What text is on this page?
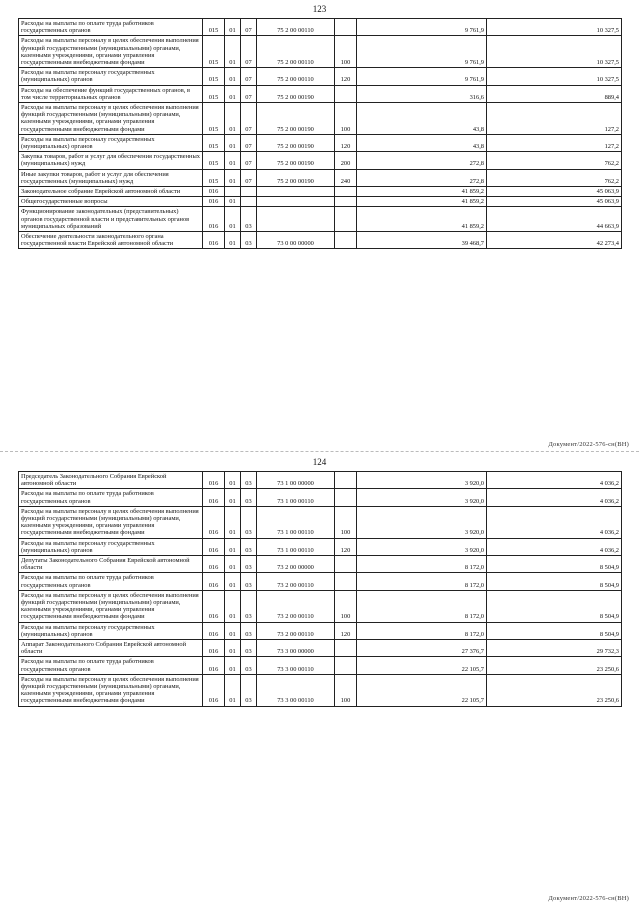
123
Расходы на выплаты по оплате труда работников государственных органов	015	01	07	75 2 00 00110		9 761,9	10 327,5
Расходы на выплаты персоналу в целях обеспечения выполнения функций государственными (муниципальными) органами, казенными учреждениями, органами управления государственными внебюджетными фондами	015	01	07	75 2 00 00110	100	9 761,9	10 327,5
Расходы на выплаты персоналу государственных (муниципальных) органов	015	01	07	75 2 00 00110	120	9 761,9	10 327,5
Расходы на обеспечение функций государственных органов, в том числе территориальных органов	015	01	07	75 2 00 00190		316,6	889,4
Расходы на выплаты персоналу в целях обеспечения выполнения функций государственными (муниципальными) органами, казенными учреждениями, органами управления государственными внебюджетными фондами	015	01	07	75 2 00 00190	100	43,8	127,2
Расходы на выплаты персоналу государственных (муниципальных) органов	015	01	07	75 2 00 00190	120	43,8	127,2
Закупка товаров, работ и услуг для обеспечения государственных (муниципальных) нужд	015	01	07	75 2 00 00190	200	272,8	762,2
Иные закупки товаров, работ и услуг для обеспечения государственных (муниципальных) нужд	015	01	07	75 2 00 00190	240	272,8	762,2
Законодательное собрание Еврейской автономной области	016					41 859,2	45 063,9
Общегосударственные вопросы	016	01				41 859,2	45 063,9
Функционирование законодательных (представительных) органов государственной власти и представительных органов муниципальных образований	016	01	03			41 859,2	44 663,9
Обеспечение деятельности законодательного органа государственной власти Еврейской автономной области	016	01	03	73 0 00 00000		39 468,7	42 273,4
Документ/2022-576-сн(ВН)
124
Председатель Законодательного Собрания Еврейской автономной области	016	01	03	73 1 00 00000		3 920,0	4 036,2
Расходы на выплаты по оплате труда работников государственных органов	016	01	03	73 1 00 00110		3 920,0	4 036,2
Расходы на выплаты персоналу в целях обеспечения выполнения функций государственными (муниципальными) органами, казенными учреждениями, органами управления государственными внебюджетными фондами	016	01	03	73 1 00 00110	100	3 920,0	4 036,2
Расходы на выплаты персоналу государственных (муниципальных) органов	016	01	03	73 1 00 00110	120	3 920,0	4 036,2
Депутаты Законодательного Собрания Еврейской автономной области	016	01	03	73 2 00 00000		8 172,0	8 504,9
Расходы на выплаты по оплате труда работников государственных органов	016	01	03	73 2 00 00110		8 172,0	8 504,9
Расходы на выплаты персоналу в целях обеспечения выполнения функций государственными (муниципальными) органами, казенными учреждениями, органами управления государственными внебюджетными фондами	016	01	03	73 2 00 00110	100	8 172,0	8 504,9
Расходы на выплаты персоналу государственных (муниципальных) органов	016	01	03	73 2 00 00110	120	8 172,0	8 504,9
Аппарат Законодательного Собрания Еврейской автономной области	016	01	03	73 3 00 00000		27 376,7	29 732,3
Расходы на выплаты по оплате труда работников государственных органов	016	01	03	73 3 00 00110		22 105,7	23 250,6
Расходы на выплаты персоналу в целях обеспечения выполнения функций государственными (муниципальными) органами, казенными учреждениями, органами управления государственными внебюджетными фондами	016	01	03	73 3 00 00110	100	22 105,7	23 250,6
Документ/2022-576-сн(ВН)
